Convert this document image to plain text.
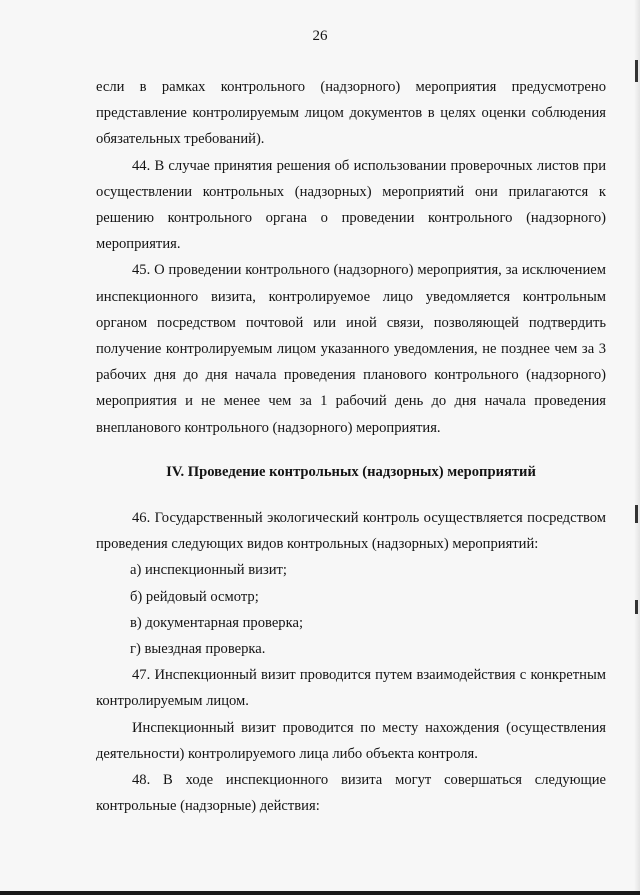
26

если в рамках контрольного (надзорного) мероприятия предусмотрено представление контролируемым лицом документов в целях оценки соблюдения обязательных требований).

44. В случае принятия решения об использовании проверочных листов при осуществлении контрольных (надзорных) мероприятий они прилагаются к решению контрольного органа о проведении контрольного (надзорного) мероприятия.

45. О проведении контрольного (надзорного) мероприятия, за исключением инспекционного визита, контролируемое лицо уведомляется контрольным органом посредством почтовой или иной связи, позволяющей подтвердить получение контролируемым лицом указанного уведомления, не позднее чем за 3 рабочих дня до дня начала проведения планового контрольного (надзорного) мероприятия и не менее чем за 1 рабочий день до дня начала проведения внепланового контрольного (надзорного) мероприятия.

IV. Проведение контрольных (надзорных) мероприятий

46. Государственный экологический контроль осуществляется посредством проведения следующих видов контрольных (надзорных) мероприятий:

а) инспекционный визит;

б) рейдовый осмотр;

в) документарная проверка;

г) выездная проверка.

47. Инспекционный визит проводится путем взаимодействия с конкретным контролируемым лицом.

Инспекционный визит проводится по месту нахождения (осуществления деятельности) контролируемого лица либо объекта контроля.

48. В ходе инспекционного визита могут совершаться следующие контрольные (надзорные) действия:
